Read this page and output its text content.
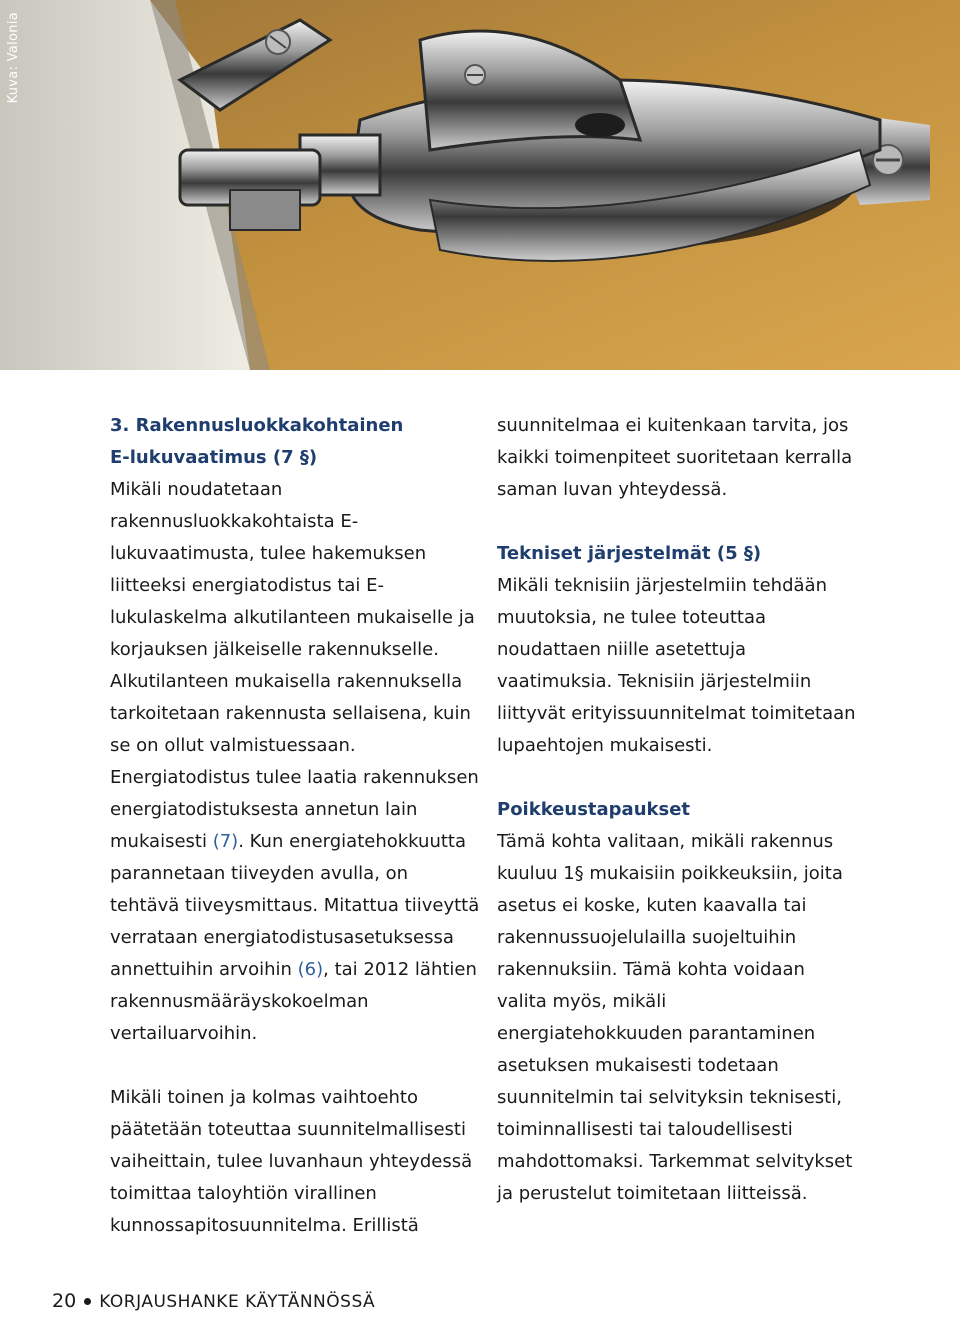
Kuva: Valonia
3. Rakennusluokkakohtainen
E-lukuvaatimus (7 §)

Mikäli noudatetaan rakennusluokkakohtaista E-lukuvaatimusta, tulee hakemuksen liitteeksi energiatodistus tai E-lukulaskelma alkutilanteen mukaiselle ja korjauksen jälkeiselle rakennukselle. Alkutilanteen mukaisella rakennuksella tarkoitetaan rakennusta sellaisena, kuin se on ollut valmistuessaan. Energiatodistus tulee laatia rakennuksen energiatodistuksesta annetun lain mukaisesti (7). Kun energiatehokkuutta parannetaan tiiveyden avulla, on tehtävä tiiveysmittaus. Mitattua tiiveyttä verrataan energiatodistusasetuksessa annettuihin arvoihin (6), tai 2012 lähtien rakennusmääräyskokoelman vertailuarvoihin.

Mikäli toinen ja kolmas vaihtoehto päätetään toteuttaa suunnitelmallisesti vaiheittain, tulee luvanhaun yhteydessä toimittaa taloyhtiön virallinen kunnossapitosuunnitelma. Erillistä

suunnitelmaa ei kuitenkaan tarvita, jos kaikki toimenpiteet suoritetaan kerralla saman luvan yhteydessä.

Tekniset järjestelmät (5 §)

Mikäli teknisiin järjestelmiin tehdään muutoksia, ne tulee toteuttaa noudattaen niille asetettuja vaatimuksia. Teknisiin järjestelmiin liittyvät erityissuunnitelmat toimitetaan lupaehtojen mukaisesti.

Poikkeustapaukset

Tämä kohta valitaan, mikäli rakennus kuuluu 1§ mukaisiin poikkeuksiin, joita asetus ei koske, kuten kaavalla tai rakennussuojelulailla suojeltuihin rakennuksiin. Tämä kohta voidaan valita myös, mikäli energiatehokkuuden parantaminen asetuksen mukaisesti todetaan suunnitelmin tai selvityksin teknisesti, toiminnallisesti tai taloudellisesti mahdottomaksi. Tarkemmat selvitykset ja perustelut toimitetaan liitteissä.

20 KORJAUSHANKE KÄYTÄNNÖSSÄ
